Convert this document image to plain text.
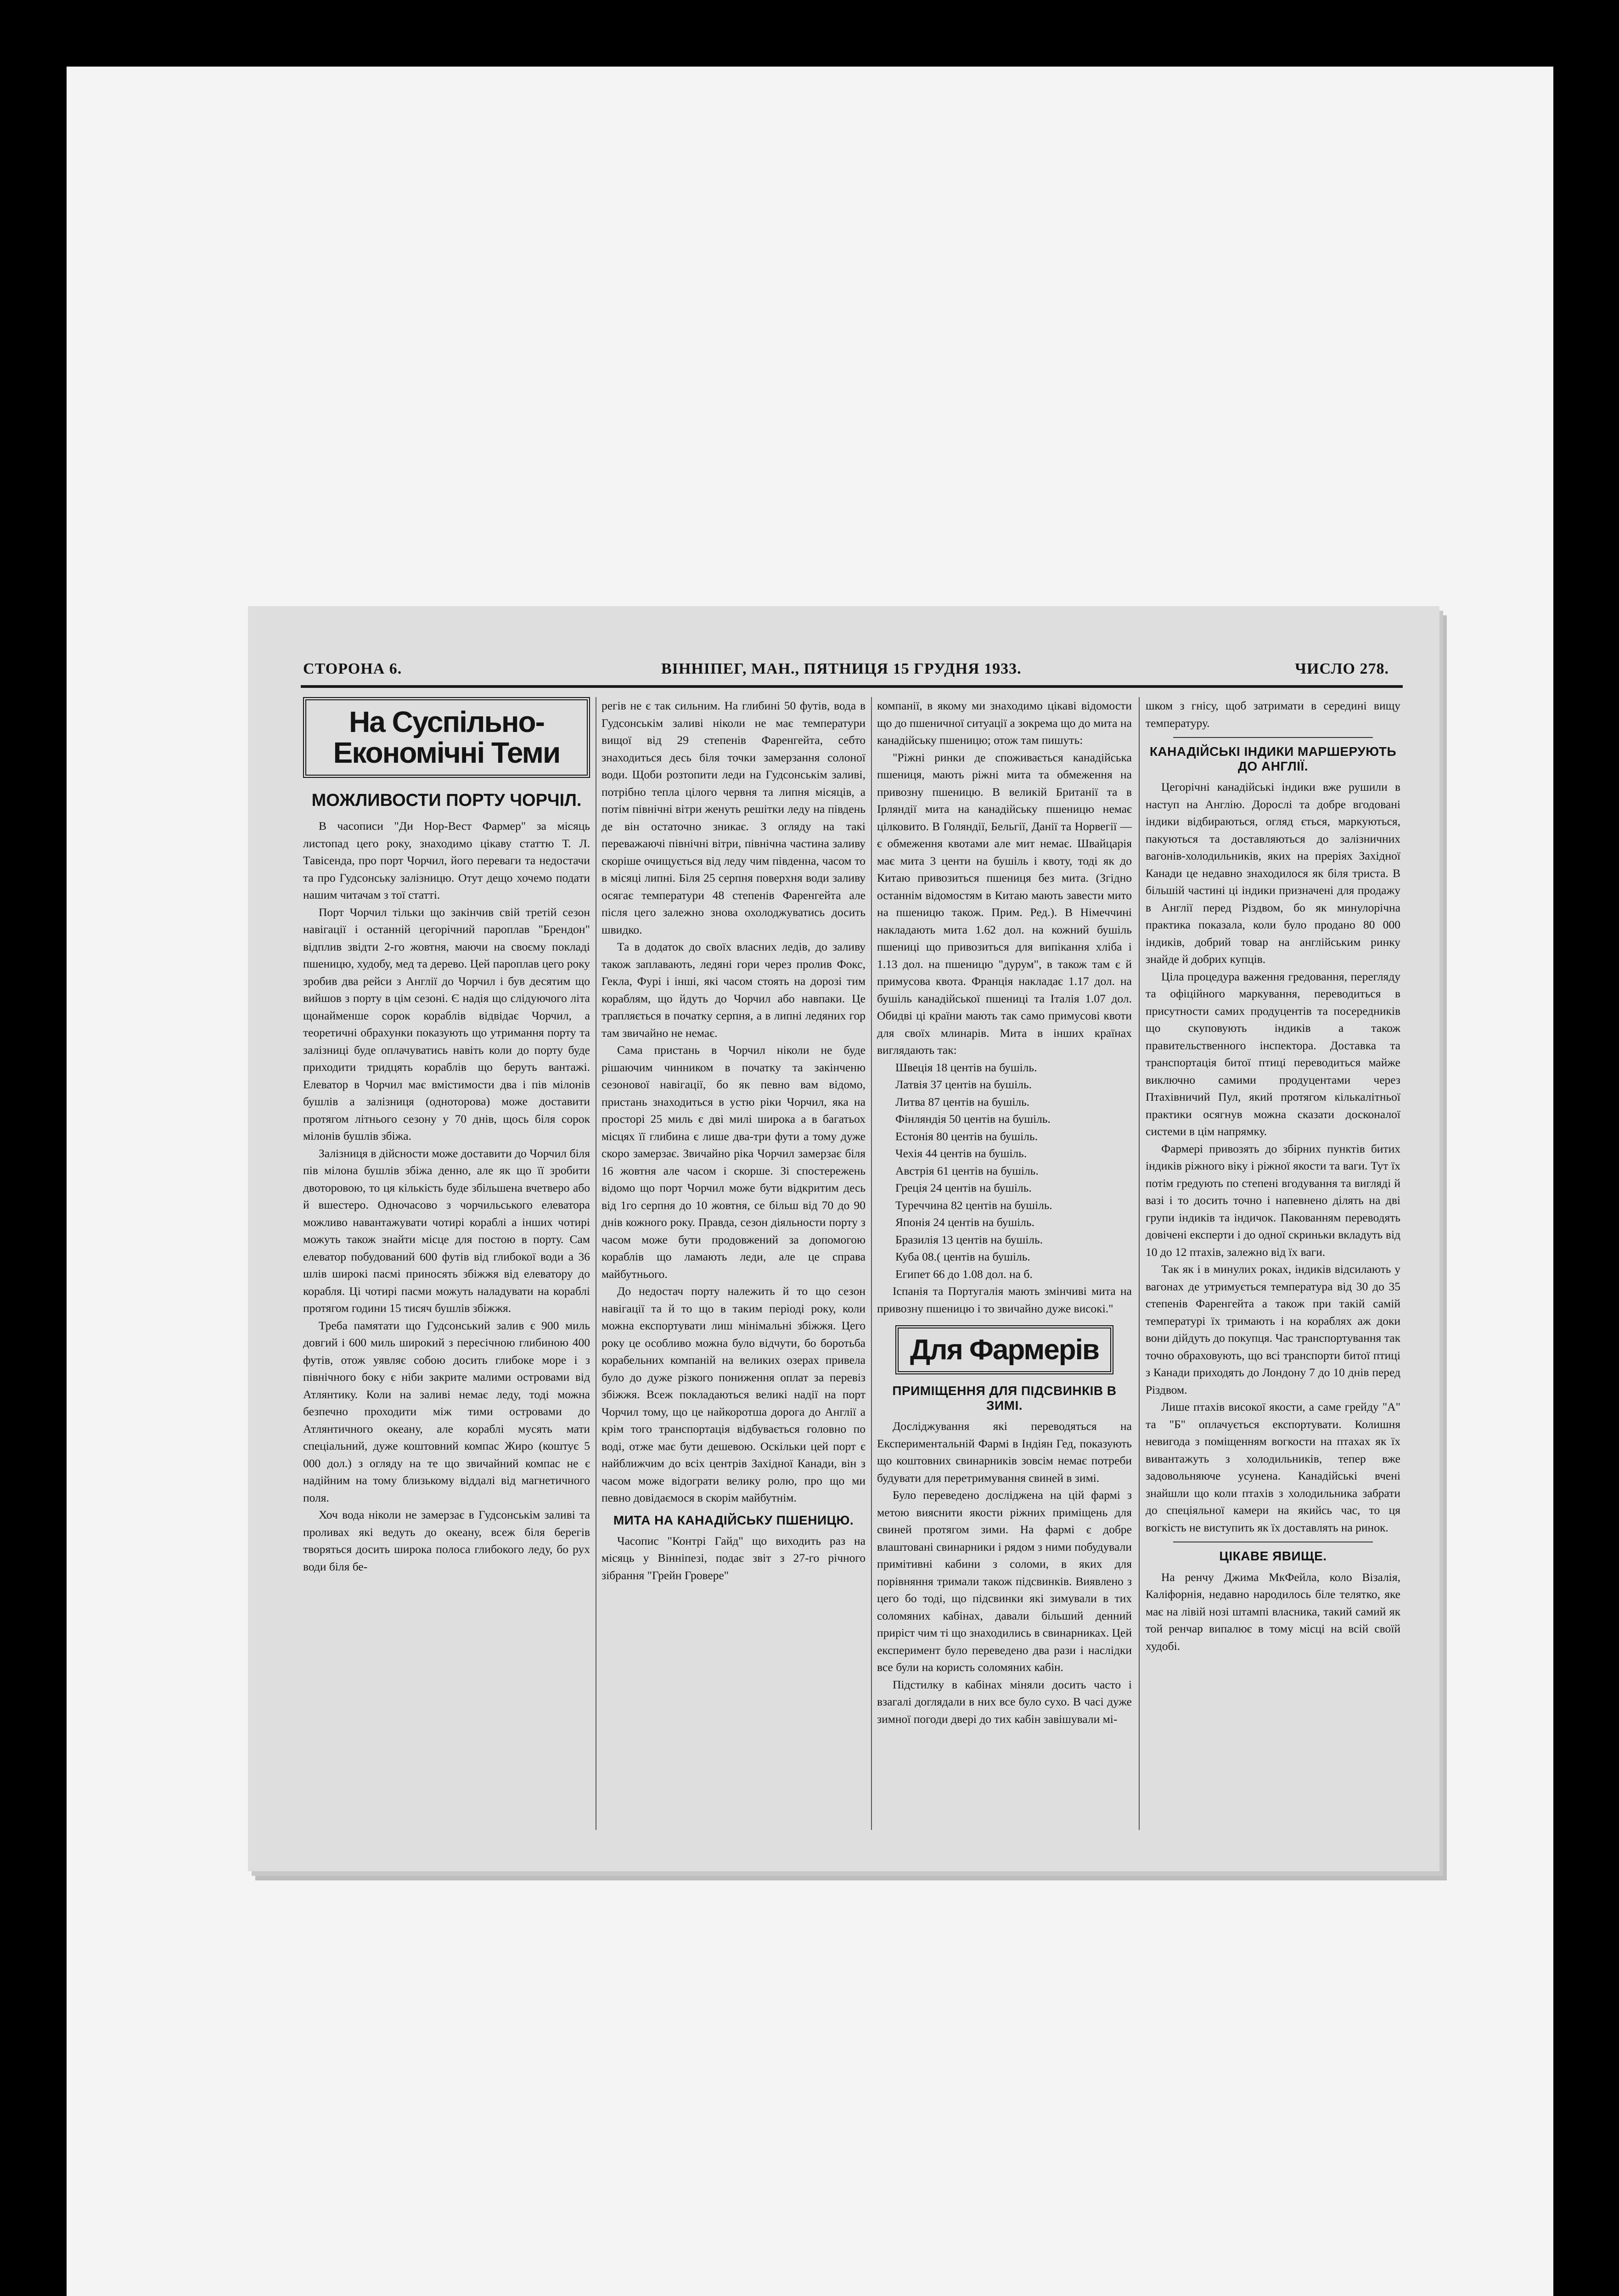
СТОРОНА 6.	ВІННІПЕГ, МАН., ПЯТНИЦЯ 15 ГРУДНЯ 1933.	ЧИСЛО 278.
На Суспільно-Економічні Теми
МОЖЛИВОСТИ ПОРТУ ЧОРЧІЛ.

В часописи "Ди Нор-Вест Фармер" за місяць листопад цего року, знаходимо цікаву статтю Т. Л. Тавісенда, про порт Чорчил, його переваги та недостачи та про Гудсонську залізницю. Отут дещо хочемо подати нашим читачам з тої статті.

Порт Чорчил тільки що закінчив свій третій сезон навігації і останній цегорічний пароплав "Брендон" відплив звідти 2-го жовтня, маючи на своєму покладі пшеницю, худобу, мед та дерево. Цей пароплав цего року зробив два рейси з Англії до Чорчил і був десятим що вийшов з порту в цім сезоні. Є надія що слідуючого літа щонайменше сорок кораблів відвідає Чорчил, а теоретичні обрахунки показують що утримання порту та залізниці буде оплачуватись навіть коли до порту буде приходити тридцять кораблів що беруть вантажі. Елеватор в Чорчил має вмістимости два і пів мілонів бушлів а залізниця (одноторова) може доставити протягом літнього сезону у 70 днів, щось біля сорок мілонів бушлів збіжа.

Залізниця в дійсности може доставити до Чорчил біля пів мілона бушлів збіжа денно, але як що її зробити двоторовою, то ця кількість буде збільшена вчетверо або й вшестеро. Одночасово з чорчильського елеватора можливо навантажувати чотирі кораблі а інших чотирі можуть також знайти місце для постою в порту. Сам елеватор побудований 600 футів від глибокої води а 36 шлів широкі пасмі приносять збіжжя від елеватору до корабля. Ці чотирі пасми можуть наладувати на кораблі протягом години 15 тисяч бушлів збіжжя.

Треба памятати що Гудсонський залив є 900 миль довгий і 600 миль широкий з пересічною глибиною 400 футів, отож уявляє собою досить глибоке море і з північного боку є ніби закрите малими островами від Атлянтику. Коли на заливі немає леду, тоді можна безпечно проходити між тими островами до Атлянтичного океану, але кораблі мусять мати спеціальний, дуже коштовний компас Жиро (коштує 5 000 дол.) з огляду на те що звичайний компас не є надійним на тому близькому віддалі від магнетичного поля.

Хоч вода ніколи не замерзає в Гудсонськім заливі та проливах які ведуть до океану, всеж біля берегів творяться досить широка полоса глибокого леду, бо рух води біля бе-

регів не є так сильним. На глибині 50 футів, вода в Гудсонськім заливі ніколи не має температури вищої від 29 степенів Фаренгейта, себто знаходиться десь біля точки замерзання солоної води. Щоби розтопити леди на Гудсонськім заливі, потрібно тепла цілого червня та липня місяців, а потім північні вітри женуть решітки леду на південь де він остаточно зникає. З огляду на такі переважаючі північні вітри, північна частина заливу скоріше очищується від леду чим південна, часом то в місяці липні. Біля 25 серпня поверхня води заливу осягає температури 48 степенів Фаренгейта але після цего залежно знова охолоджуватись досить швидко.

Та в додаток до своїх власних ледів, до заливу також заплавають, ледяні гори через пролив Фокс, Гекла, Фурі і інші, які часом стоять на дорозі тим кораблям, що йдуть до Чорчил або навпаки. Це трапляється в початку серпня, а в липні ледяних гор там звичайно не немає.

Сама пристань в Чорчил ніколи не буде рішаючим чинником в початку та закінченю сезонової навігації, бо як певно вам відомо, пристань знаходиться в устю ріки Чорчил, яка на просторі 25 миль є дві милі широка а в багатьох місцях її глибина є лише два-три фути а тому дуже скоро замерзає. Звичайно ріка Чорчил замерзає біля 16 жовтня але часом і скорше. Зі спостережень відомо що порт Чорчил може бути відкритим десь від 1го серпня до 10 жовтня, се більш від 70 до 90 днів кожного року. Правда, сезон діяльности порту з часом може бути продовжений за допомогою кораблів що ламають леди, але це справа майбутнього.

До недостач порту належить й то що сезон навігації та й то що в таким періоді року, коли можна експортувати лиш мінімальні збіжжя. Цего року це особливо можна було відчути, бо боротьба корабельних компаній на великих озерах привела було до дуже різкого пониження оплат за перевіз збіжжя. Всеж покладаються великі надії на порт Чорчил тому, що це найкоротша дорога до Англії а крім того транспортація відбувається головно по воді, отже має бути дешевою. Оскільки цей порт є найближчим до всіх центрів Західної Канади, він з часом може відограти велику ролю, про що ми певно довідаємося в скорім майбутнім.

МИТА НА КАНАДІЙСЬКУ ПШЕНИЦЮ.

Часопис "Контрі Гайд" що виходить раз на місяць у Вінніпезі, подає звіт з 27-го річного зібрання "Грейн Гровере"

компанії, в якому ми знаходимо цікаві відомости що до пшеничної ситуації а зокрема що до мита на канадійську пшеницю; отож там пишуть:

"Ріжні ринки де споживається канадійська пшениця, мають ріжні мита та обмеження на привозну пшеницю. В великій Британії та в Ірляндії мита на канадійську пшеницю немає цілковито. В Голяндії, Бельгії, Данії та Норвегії — є обмеження квотами але мит немає. Швайцарія має мита 3 центи на бушіль і квоту, тоді як до Китаю привозиться пшениця без мита. (Згідно останнім відомостям в Китаю мають завести мито на пшеницю також. Прим. Ред.). В Німеччині накладають мита 1.62 дол. на кожний бушіль пшениці що привозиться для випікання хліба і 1.13 дол. на пшеницю "дурум", в також там є й примусова квота. Франція накладає 1.17 дол. на бушіль канадійської пшениці та Італія 1.07 дол. Обидві ці країни мають так само примусові квоти для своїх млинарів. Мита в інших країнах виглядають так:

Швеція 18 центів на бушіль.
Латвія 37 центів на бушіль.
Литва 87 центів на бушіль.
Фінляндія 50 центів на бушіль.
Естонія 80 центів на бушіль.
Чехія 44 центів на бушіль.
Австрія 61 центів на бушіль.
Греція 24 центів на бушіль.
Туреччина 82 центів на бушіль.
Японія 24 центів на бушіль.
Бразилія 13 центів на бушіль.
Куба 08.( центів на бушіль.
Египет 66 до 1.08 дол. на б.

Іспанія та Португалія мають змінчиві мита на привозну пшеницю і то звичайно дуже високі."

Для Фармерів
ПРИМІЩЕННЯ ДЛЯ ПІДСВИНКІВ В ЗИМІ.

Досліджування які переводяться на Експериментальній Фармі в Індіян Гед, показують що коштовних свинарників зовсім немає потреби будувати для перетримування свиней в зимі.

Було переведено досліджена на цій фармі з метою вияснити якости ріжних приміщень для свиней протягом зими. На фармі є добре влаштовані свинарники і рядом з ними побудували примітивні кабини з соломи, в яких для порівняння тримали також підсвинків. Виявлено з цего бо тоді, що підсвинки які зимували в тих соломяних кабінах, давали більший денний приріст чим ті що знаходились в свинарниках. Цей експеримент було переведено два рази і наслідки все були на користь соломяних кабін.

Підстилку в кабінах міняли досить часто і взагалі доглядали в них все було сухо. В часі дуже зимної погоди двері до тих кабін завішували мі-

шком з гнісу, щоб затримати в середині вищу температуру.

КАНАДІЙСЬКІ ІНДИКИ МАРШЕРУЮТЬ ДО АНГЛІЇ.

Цегорічні канадійські індики вже рушили в наступ на Англію. Дорослі та добре вгодовані індики відбираються, огляд ється, маркуються, пакуються та доставляються до залізничних вагонів-холодильників, яких на преріях Західної Канади це недавно знаходилося як біля триста. В більшій частині ці індики призначені для продажу в Англії перед Різдвом, бо як минулорічна практика показала, коли було продано 80 000 індиків, добрий товар на англійським ринку знайде й добрих купців.

Ціла процедура важення гредовання, перегляду та офіційного маркування, переводиться в присутности самих продуцентів та посередників що скуповують індиків а також правительственного інспектора. Доставка та транспортація битої птиці переводиться майже виключно самими продуцентами через Птахівничий Пул, який протягом кількалітньої практики осягнув можна сказати досконалої системи в цім напрямку.

Фармері привозять до збірних пунктів битих індиків ріжного віку і ріжної якости та ваги. Тут їх потім гредують по степені вгодування та вигляді й вазі і то досить точно і напевнено ділять на дві групи індиків та індичок. Пакованням переводять довічені експерти і до одної скриньки вкладуть від 10 до 12 птахів, залежно від їх ваги.

Так як і в минулих роках, індиків відсилають у вагонах де утримується температура від 30 до 35 степенів Фаренгейта а також при такій самій температурі їх тримають і на кораблях аж доки вони дійдуть до покупця. Час транспортування так точно обраховують, що всі транспорти битої птиці з Канади приходять до Лондону 7 до 10 днів перед Різдвом.

Лише птахів високої якости, а саме грейду "А" та "Б" оплачується експортувати. Колишня невигода з поміщенням вогкости на птахах як їх вивантажуть з холодильників, тепер вже задовольняюче усунена. Канадійські вчені знайшли що коли птахів з холодильника забрати до спеціяльної камери на якийсь час, то ця вогкість не виступить як їх доставлять на ринок.

ЦІКАВЕ ЯВИЩЕ.

На ренчу Джима МкФейла, коло Візалія, Каліфорнія, недавно народилось біле телятко, яке має на лівій нозі штампі власника, такий самий як той ренчар випалює в тому місці на всій своїй худобі.
